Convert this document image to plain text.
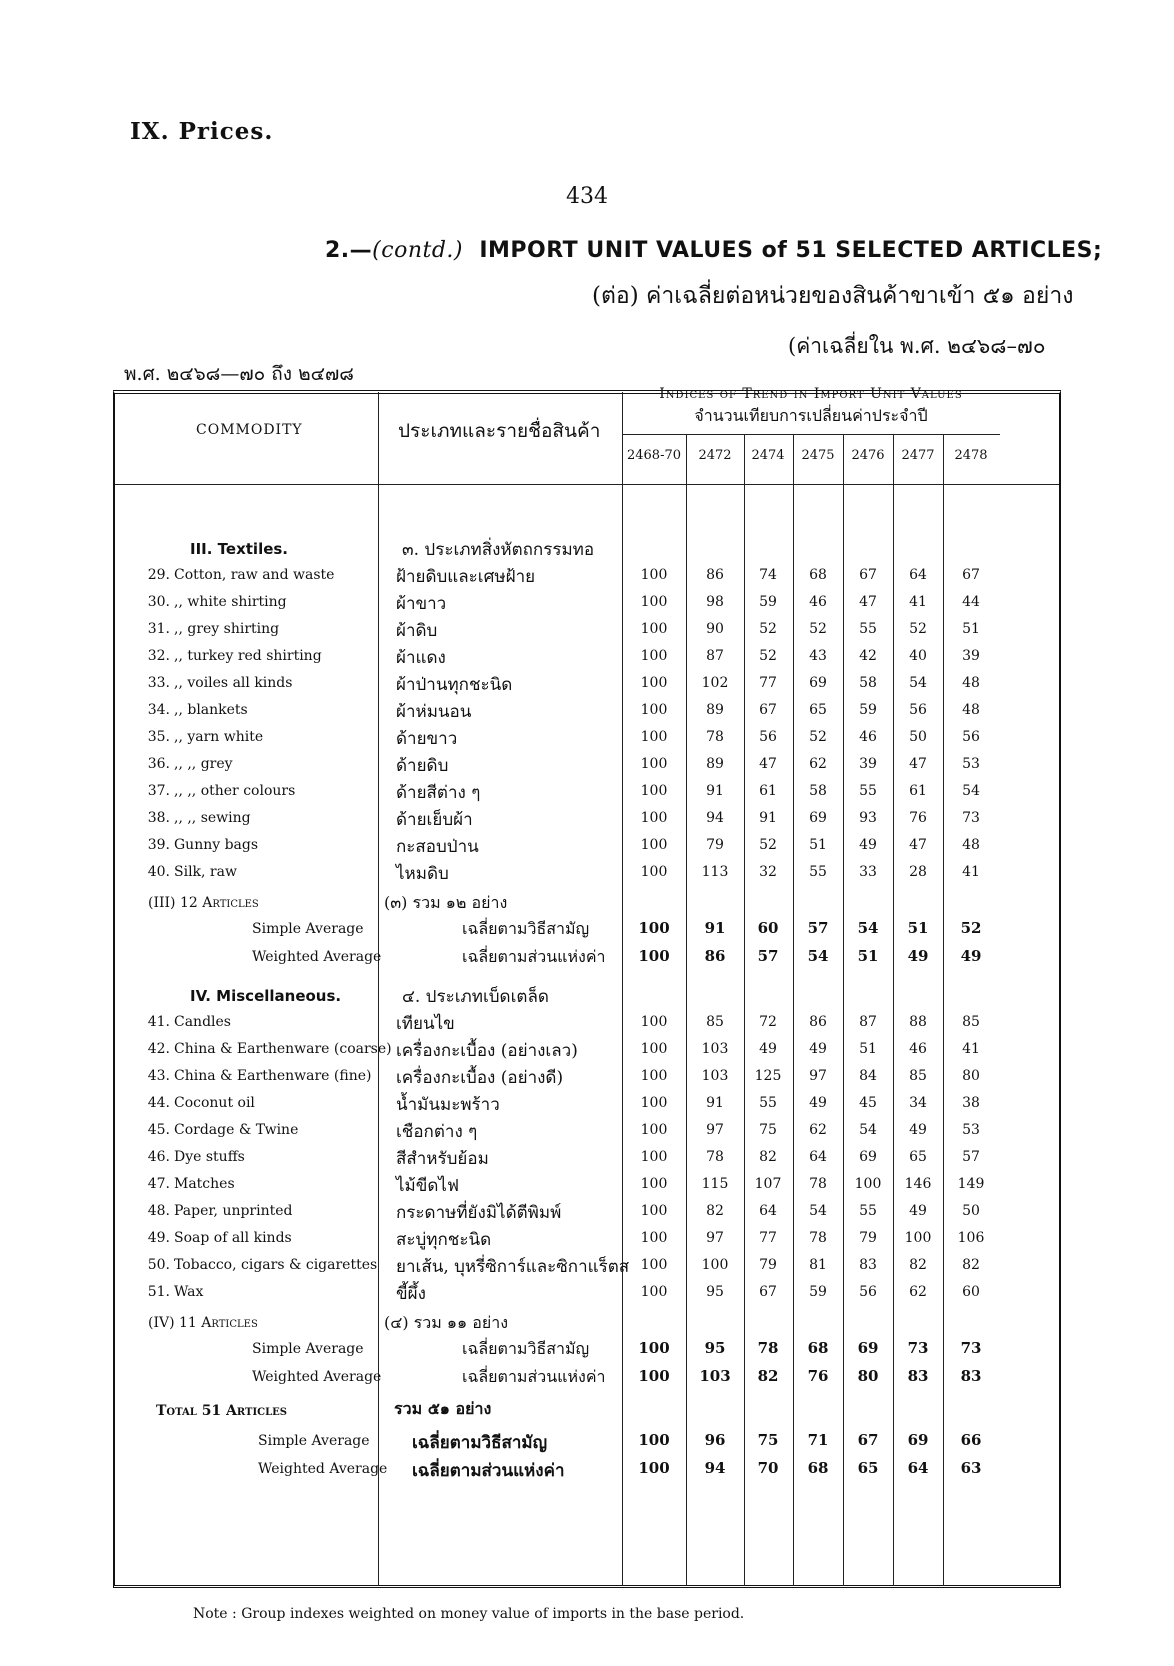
IX. Prices.
434
2.—(contd.) IMPORT UNIT VALUES of 51 SELECTED ARTICLES;
(ต่อ) ค่าเฉลี่ยต่อหน่วยของสินค้าขาเข้า ๕๑ อย่าง
(ค่าเฉลี่ยใน พ.ศ. ๒๔๖๘–๗๐
พ.ศ. ๒๔๖๘—๗๐ ถึง ๒๔๗๘
COMMODITY	ประเภทและรายชื่อสินค้า
Indices of Trend in Import Unit Values
จำนวนเทียบการเปลี่ยนค่าประจำปี
2468-70	2472	2474	2475	2476	2477	2478
III. Textiles.	๓. ประเภทสิ่งหัตถกรรมทอ
29. Cotton, raw and waste	ฝ้ายดิบและเศษฝ้าย	100	86	74	68	67	64	67
30. ,, white shirting	ผ้าขาว	100	98	59	46	47	41	44
31. ,, grey shirting	ผ้าดิบ	100	90	52	52	55	52	51
32. ,, turkey red shirting	ผ้าแดง	100	87	52	43	42	40	39
33. ,, voiles all kinds	ผ้าป่านทุกชะนิด	100	102	77	69	58	54	48
34. ,, blankets	ผ้าห่มนอน	100	89	67	65	59	56	48
35. ,, yarn white	ด้ายขาว	100	78	56	52	46	50	56
36. ,, ,, grey	ด้ายดิบ	100	89	47	62	39	47	53
37. ,, ,, other colours	ด้ายสีต่าง ๆ	100	91	61	58	55	61	54
38. ,, ,, sewing	ด้ายเย็บผ้า	100	94	91	69	93	76	73
39. Gunny bags	กะสอบป่าน	100	79	52	51	49	47	48
40. Silk, raw	ไหมดิบ	100	113	32	55	33	28	41
(III) 12 Articles	(๓) รวม ๑๒ อย่าง
Simple Average	เฉลี่ยตามวิธีสามัญ	100	91	60	57	54	51	52
Weighted Average	เฉลี่ยตามส่วนแห่งค่า	100	86	57	54	51	49	49
IV. Miscellaneous.	๔. ประเภทเบ็ดเตล็ด
41. Candles	เทียนไข	100	85	72	86	87	88	85
42. China & Earthenware (coarse) เครื่องกะเบื้อง (อย่างเลว)	100	103	49	49	51	46	41
43. China & Earthenware (fine) เครื่องกะเบื้อง (อย่างดี)	100	103	125	97	84	85	80
44. Coconut oil	น้ำมันมะพร้าว	100	91	55	49	45	34	38
45. Cordage & Twine	เชือกต่าง ๆ	100	97	75	62	54	49	53
46. Dye stuffs	สีสำหรับย้อม	100	78	82	64	69	65	57
47. Matches	ไม้ขีดไฟ	100	115	107	78	100	146	149
48. Paper, unprinted	กระดาษที่ยังมิได้ตีพิมพ์	100	82	64	54	55	49	50
49. Soap of all kinds	สะบู่ทุกชะนิด	100	97	77	78	79	100	106
50. Tobacco, cigars & cigarettes ยาเส้น, บุหรี่ซิการ์และซิกาแร็ตส 100	100	79	81	83	82	82
51. Wax	ขี้ผึ้ง	100	95	67	59	56	62	60
(IV) 11 Articles	(๔) รวม ๑๑ อย่าง
Simple Average	เฉลี่ยตามวิธีสามัญ	100	95	78	68	69	73	73
Weighted Average	เฉลี่ยตามส่วนแห่งค่า	100	103	82	76	80	83	83
Total 51 Articles	รวม ๕๑ อย่าง
Simple Average เฉลี่ยตามวิธีสามัญ	100	96	75	71	67	69	66
Weighted Average เฉลี่ยตามส่วนแห่งค่า	100	94	70	68	65	64	63
Note : Group indexes weighted on money value of imports in the base period.
